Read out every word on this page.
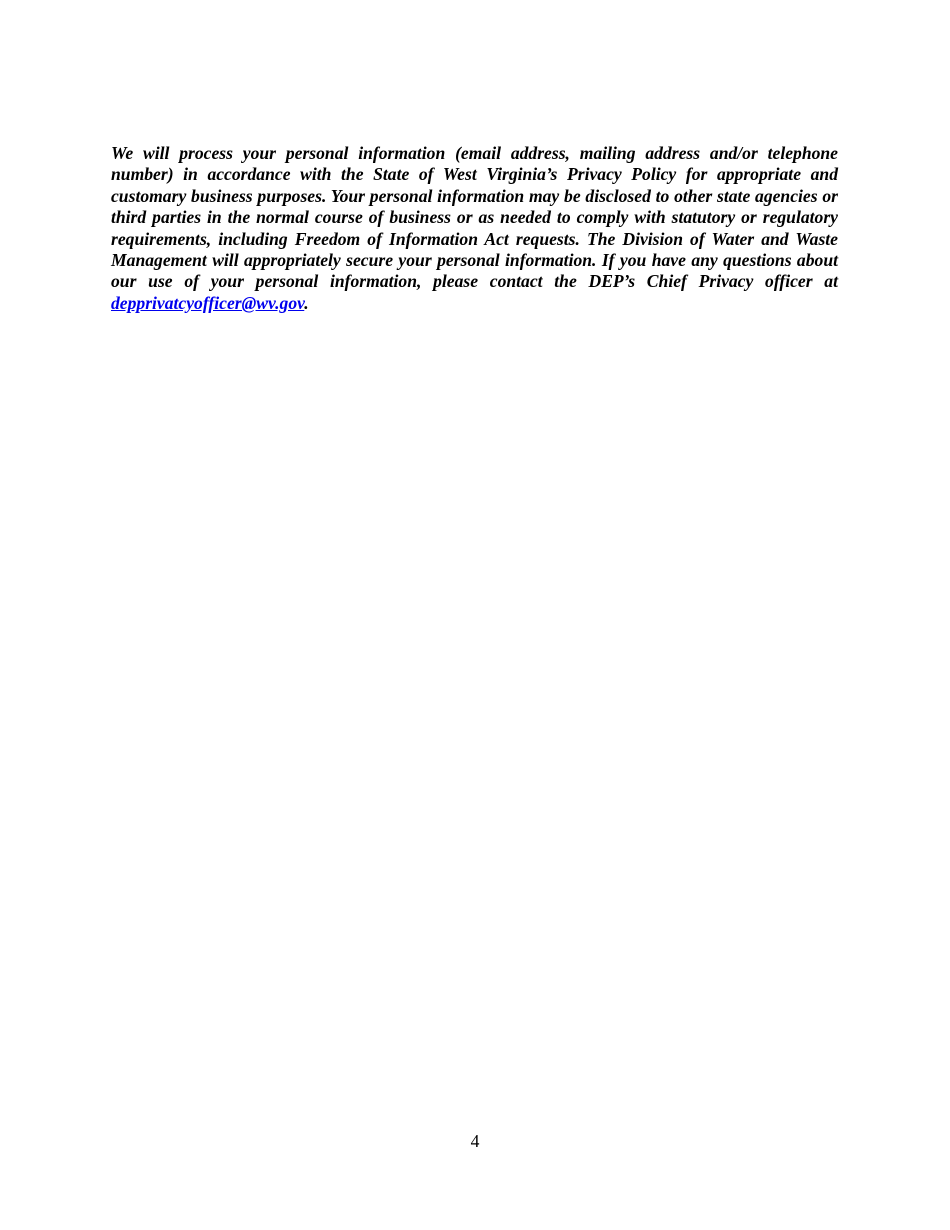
We will process your personal information (email address, mailing address and/or telephone number) in accordance with the State of West Virginia’s Privacy Policy for appropriate and customary business purposes. Your personal information may be disclosed to other state agencies or third parties in the normal course of business or as needed to comply with statutory or regulatory requirements, including Freedom of Information Act requests. The Division of Water and Waste Management will appropriately secure your personal information. If you have any questions about our use of your personal information, please contact the DEP’s Chief Privacy officer at depprivatcyofficer@wv.gov.

4
